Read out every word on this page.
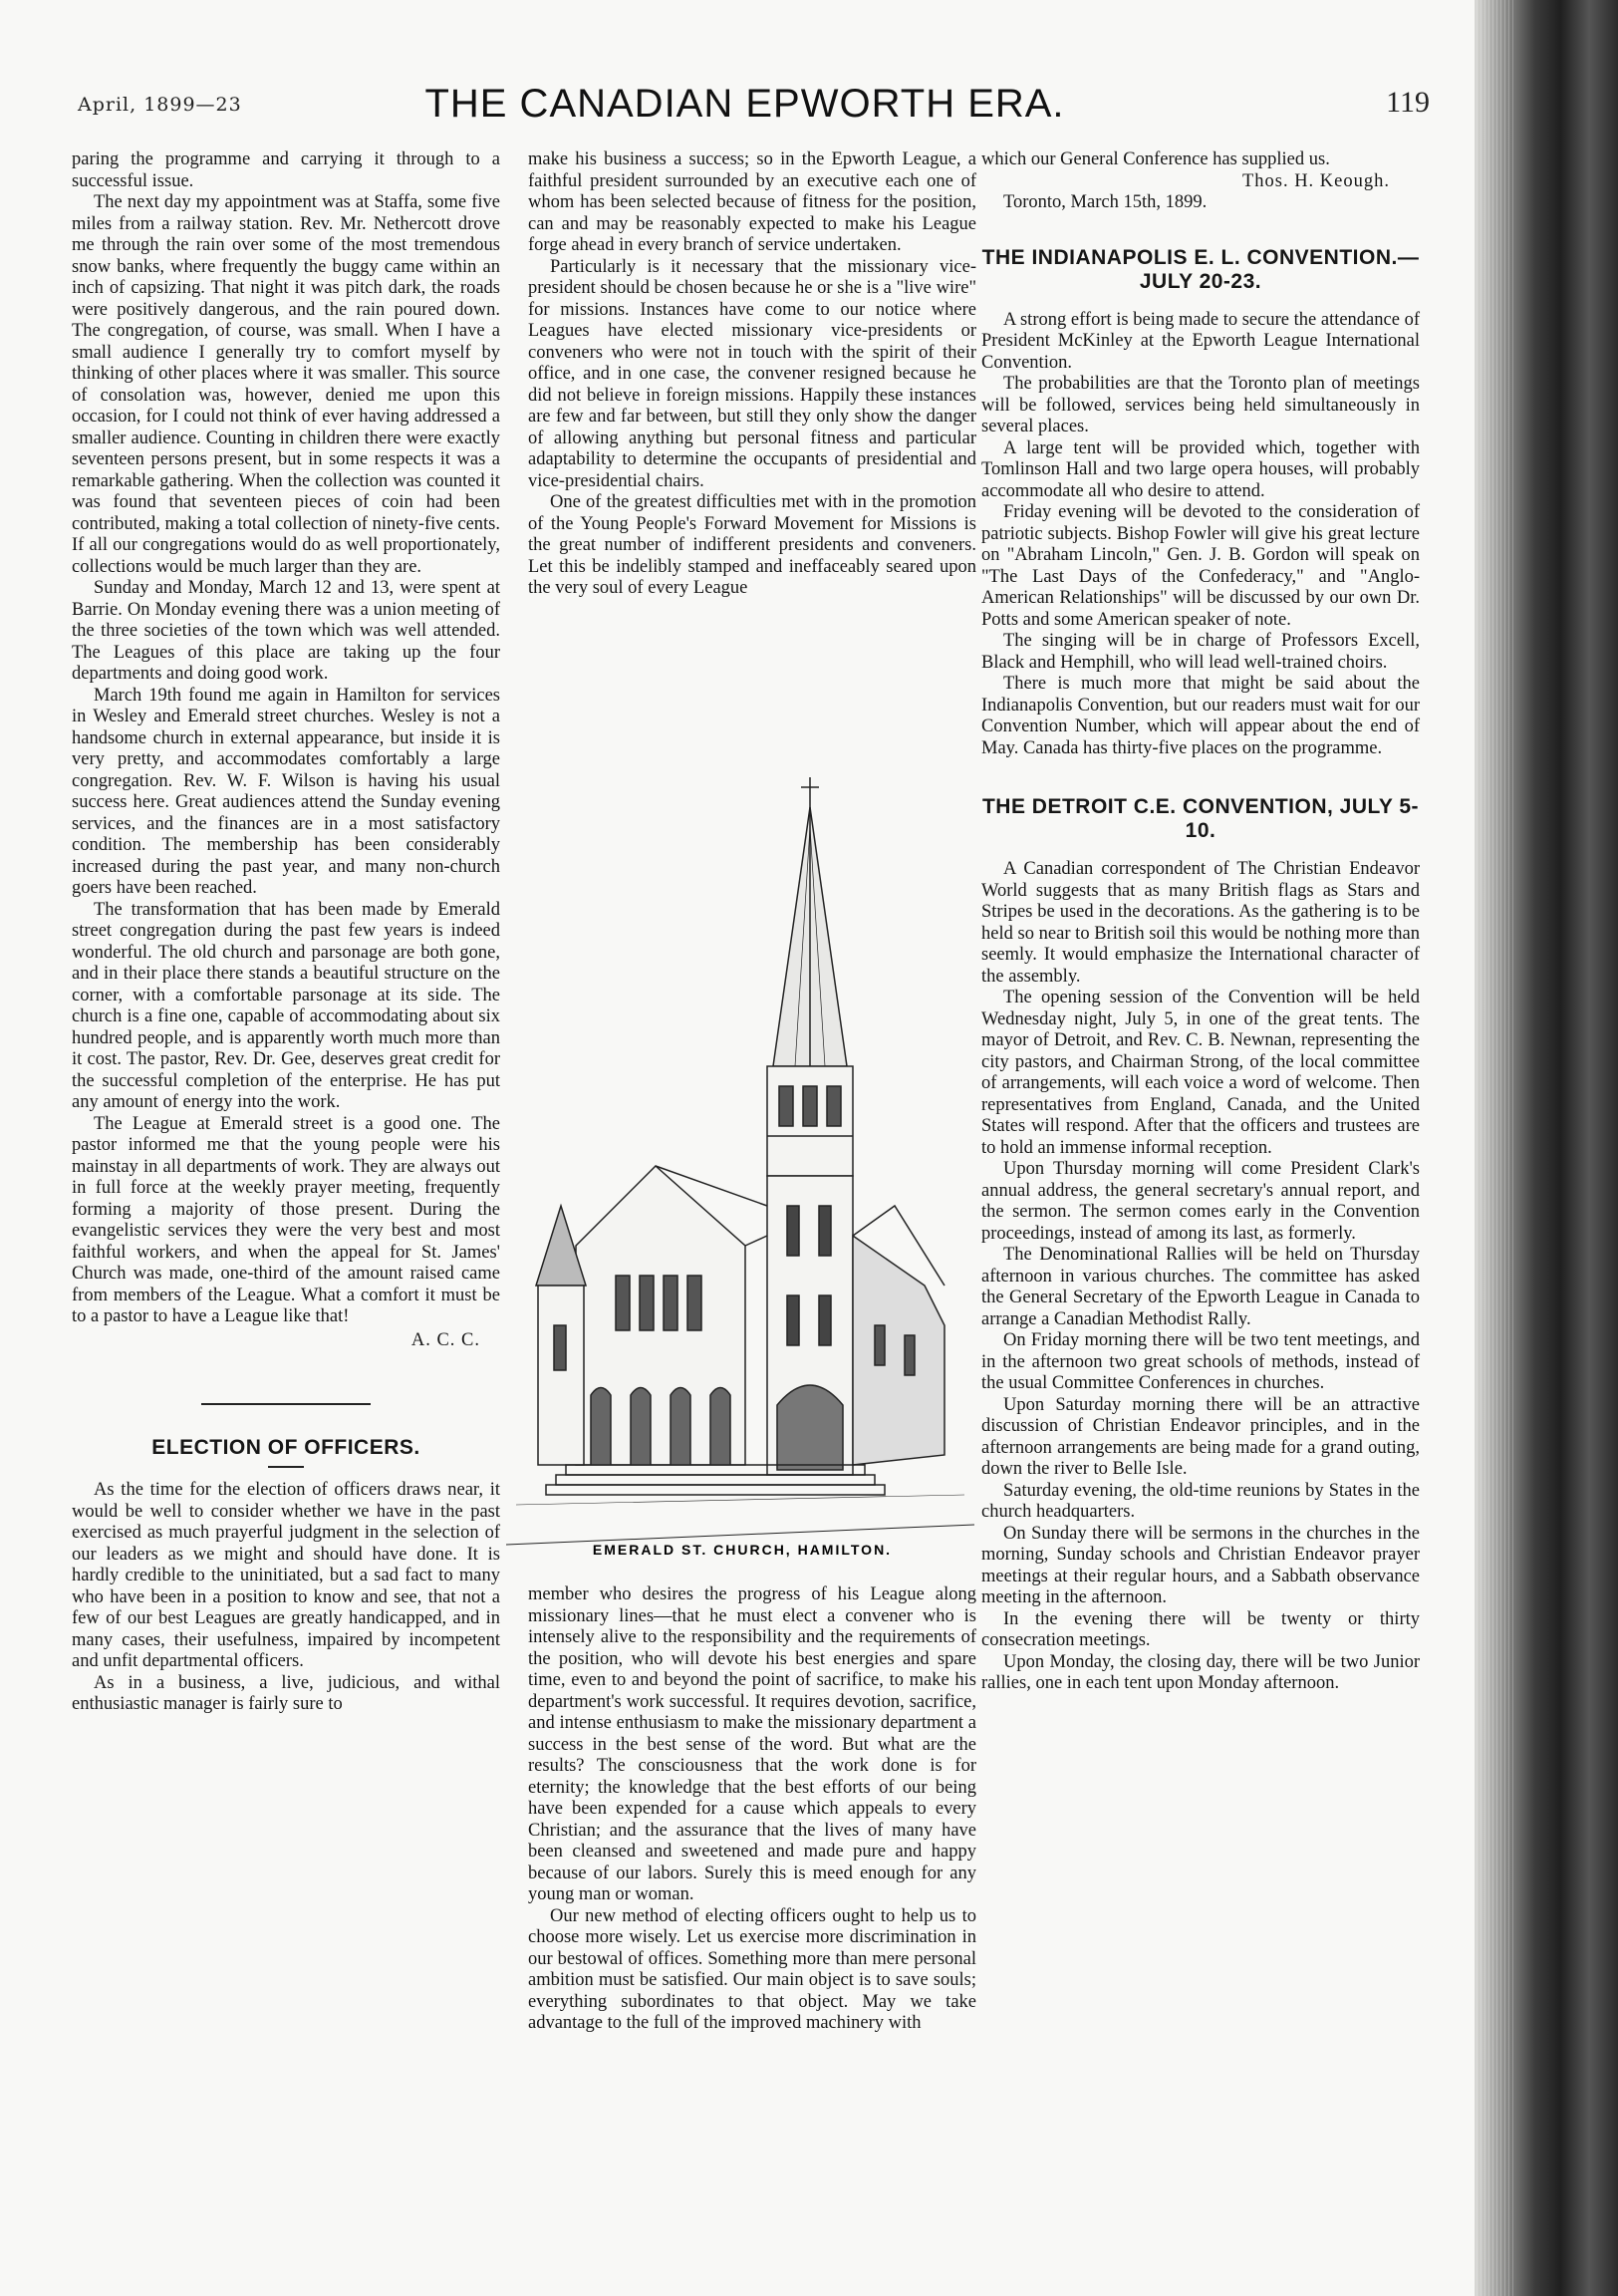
April, 1899—23	THE CANADIAN EPWORTH ERA.	119

paring the programme and carrying it through to a successful issue.

The next day my appointment was at Staffa, some five miles from a railway station. Rev. Mr. Nethercott drove me through the rain over some of the most tremendous snow banks, where frequently the buggy came within an inch of capsizing. That night it was pitch dark, the roads were positively dangerous, and the rain poured down. The congregation, of course, was small. When I have a small audience I generally try to comfort myself by thinking of other places where it was smaller. This source of consolation was, however, denied me upon this occasion, for I could not think of ever having addressed a smaller audience. Counting in children there were exactly seventeen persons present, but in some respects it was a remarkable gathering. When the collection was counted it was found that seventeen pieces of coin had been contributed, making a total collection of ninety-five cents. If all our congregations would do as well proportionately, collections would be much larger than they are.

Sunday and Monday, March 12 and 13, were spent at Barrie. On Monday evening there was a union meeting of the three societies of the town which was well attended. The Leagues of this place are taking up the four departments and doing good work.

March 19th found me again in Hamilton for services in Wesley and Emerald street churches. Wesley is not a handsome church in external appearance, but inside it is very pretty, and accommodates comfortably a large congregation. Rev. W. F. Wilson is having his usual success here. Great audiences attend the Sunday evening services, and the finances are in a most satisfactory condition. The membership has been considerably increased during the past year, and many non-church goers have been reached.

The transformation that has been made by Emerald street congregation during the past few years is indeed wonderful. The old church and parsonage are both gone, and in their place there stands a beautiful structure on the corner, with a comfortable parsonage at its side. The church is a fine one, capable of accommodating about six hundred people, and is apparently worth much more than it cost. The pastor, Rev. Dr. Gee, deserves great credit for the successful completion of the enterprise. He has put any amount of energy into the work.

The League at Emerald street is a good one. The pastor informed me that the young people were his mainstay in all departments of work. They are always out in full force at the weekly prayer meeting, frequently forming a majority of those present. During the evangelistic services they were the very best and most faithful workers, and when the appeal for St. James' Church was made, one-third of the amount raised came from members of the League. What a comfort it must be to a pastor to have a League like that!

A. C. C.
ELECTION OF OFFICERS.

As the time for the election of officers draws near, it would be well to consider whether we have in the past exercised as much prayerful judgment in the selection of our leaders as we might and should have done. It is hardly credible to the uninitiated, but a sad fact to many who have been in a position to know and see, that not a few of our best Leagues are greatly handicapped, and in many cases, their usefulness, impaired by incompetent and unfit departmental officers.

As in a business, a live, judicious, and withal enthusiastic manager is fairly sure to

make his business a success; so in the Epworth League, a faithful president surrounded by an executive each one of whom has been selected because of fitness for the position, can and may be reasonably expected to make his League forge ahead in every branch of service undertaken.

Particularly is it necessary that the missionary vice-president should be chosen because he or she is a "live wire" for missions. Instances have come to our notice where Leagues have elected missionary vice-presidents or conveners who were not in touch with the spirit of their office, and in one case, the convener resigned because he did not believe in foreign missions. Happily these instances are few and far between, but still they only show the danger of allowing anything but personal fitness and particular adaptability to determine the occupants of presidential and vice-presidential chairs.

One of the greatest difficulties met with in the promotion of the Young People's Forward Movement for Missions is the great number of indifferent presidents and conveners. Let this be indelibly stamped and ineffaceably seared upon the very soul of every League

EMERALD ST. CHURCH, HAMILTON.

member who desires the progress of his League along missionary lines—that he must elect a convener who is intensely alive to the responsibility and the requirements of the position, who will devote his best energies and spare time, even to and beyond the point of sacrifice, to make his department's work successful. It requires devotion, sacrifice, and intense enthusiasm to make the missionary department a success in the best sense of the word. But what are the results? The consciousness that the work done is for eternity; the knowledge that the best efforts of our being have been expended for a cause which appeals to every Christian; and the assurance that the lives of many have been cleansed and sweetened and made pure and happy because of our labors. Surely this is meed enough for any young man or woman.

Our new method of electing officers ought to help us to choose more wisely. Let us exercise more discrimination in our bestowal of offices. Something more than mere personal ambition must be satisfied. Our main object is to save souls; everything subordinates to that object. May we take advantage to the full of the improved machinery with

which our General Conference has supplied us.

Thos. H. Keough.
Toronto, March 15th, 1899.
THE INDIANAPOLIS E. L. CONVENTION.—JULY 20-23.

A strong effort is being made to secure the attendance of President McKinley at the Epworth League International Convention.

The probabilities are that the Toronto plan of meetings will be followed, services being held simultaneously in several places.

A large tent will be provided which, together with Tomlinson Hall and two large opera houses, will probably accommodate all who desire to attend.

Friday evening will be devoted to the consideration of patriotic subjects. Bishop Fowler will give his great lecture on "Abraham Lincoln," Gen. J. B. Gordon will speak on "The Last Days of the Confederacy," and "Anglo-American Relationships" will be discussed by our own Dr. Potts and some American speaker of note.

The singing will be in charge of Professors Excell, Black and Hemphill, who will lead well-trained choirs.

There is much more that might be said about the Indianapolis Convention, but our readers must wait for our Convention Number, which will appear about the end of May. Canada has thirty-five places on the programme.

THE DETROIT C.E. CONVENTION, JULY 5-10.

A Canadian correspondent of The Christian Endeavor World suggests that as many British flags as Stars and Stripes be used in the decorations. As the gathering is to be held so near to British soil this would be nothing more than seemly. It would emphasize the International character of the assembly.

The opening session of the Convention will be held Wednesday night, July 5, in one of the great tents. The mayor of Detroit, and Rev. C. B. Newnan, representing the city pastors, and Chairman Strong, of the local committee of arrangements, will each voice a word of welcome. Then representatives from England, Canada, and the United States will respond. After that the officers and trustees are to hold an immense informal reception.

Upon Thursday morning will come President Clark's annual address, the general secretary's annual report, and the sermon. The sermon comes early in the Convention proceedings, instead of among its last, as formerly.

The Denominational Rallies will be held on Thursday afternoon in various churches. The committee has asked the General Secretary of the Epworth League in Canada to arrange a Canadian Methodist Rally.

On Friday morning there will be two tent meetings, and in the afternoon two great schools of methods, instead of the usual Committee Conferences in churches.

Upon Saturday morning there will be an attractive discussion of Christian Endeavor principles, and in the afternoon arrangements are being made for a grand outing, down the river to Belle Isle.

Saturday evening, the old-time reunions by States in the church headquarters.

On Sunday there will be sermons in the churches in the morning, Sunday schools and Christian Endeavor prayer meetings at their regular hours, and a Sabbath observance meeting in the afternoon.

In the evening there will be twenty or thirty consecration meetings.

Upon Monday, the closing day, there will be two Junior rallies, one in each tent upon Monday afternoon.
